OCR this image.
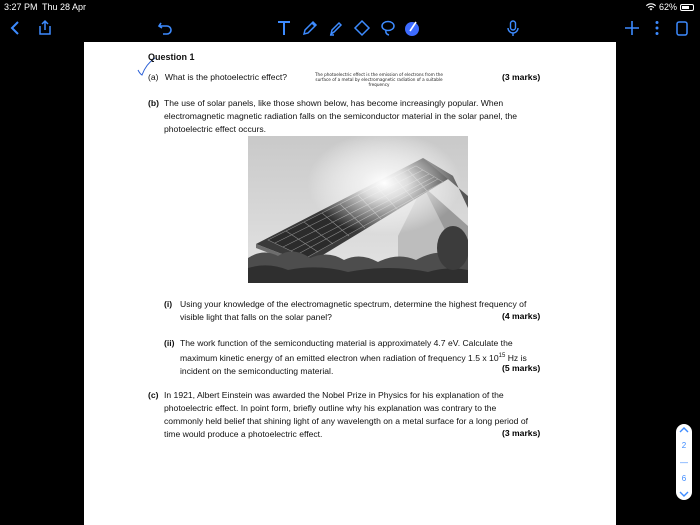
3:27 PM Thu 28 Apr	62%
Question 1
(a) What is the photoelectric effect?	The photoelectric effect is the emission of electrons from the
surface of a metal by electromagnetic radiation of a suitable
frequency
(3 marks)
(b) The use of solar panels, like those shown below, has become increasingly popular. When
electromagnetic magnetic radiation falls on the semiconductor material in the solar panel, the
photoelectric effect occurs.
(i) Using your knowledge of the electromagnetic spectrum, determine the highest frequency of
visible light that falls on the solar panel?	(4 marks)
(ii) The work function of the semiconducting material is approximately 4.7 eV. Calculate the
maximum kinetic energy of an emitted electron when radiation of frequency 1.5 x $10^{15}$ Hz is
incident on the semiconducting material.	(5 marks)
(c) In 1921, Albert Einstein was awarded the Nobel Prize in Physics for his explanation of the
photoelectric effect. In point form, briefly outline why his explanation was contrary to the
commonly held belief that shining light of any wavelength on a metal surface for a long period of
time would produce a photoelectric effect.	(3 marks)
2
—
6
